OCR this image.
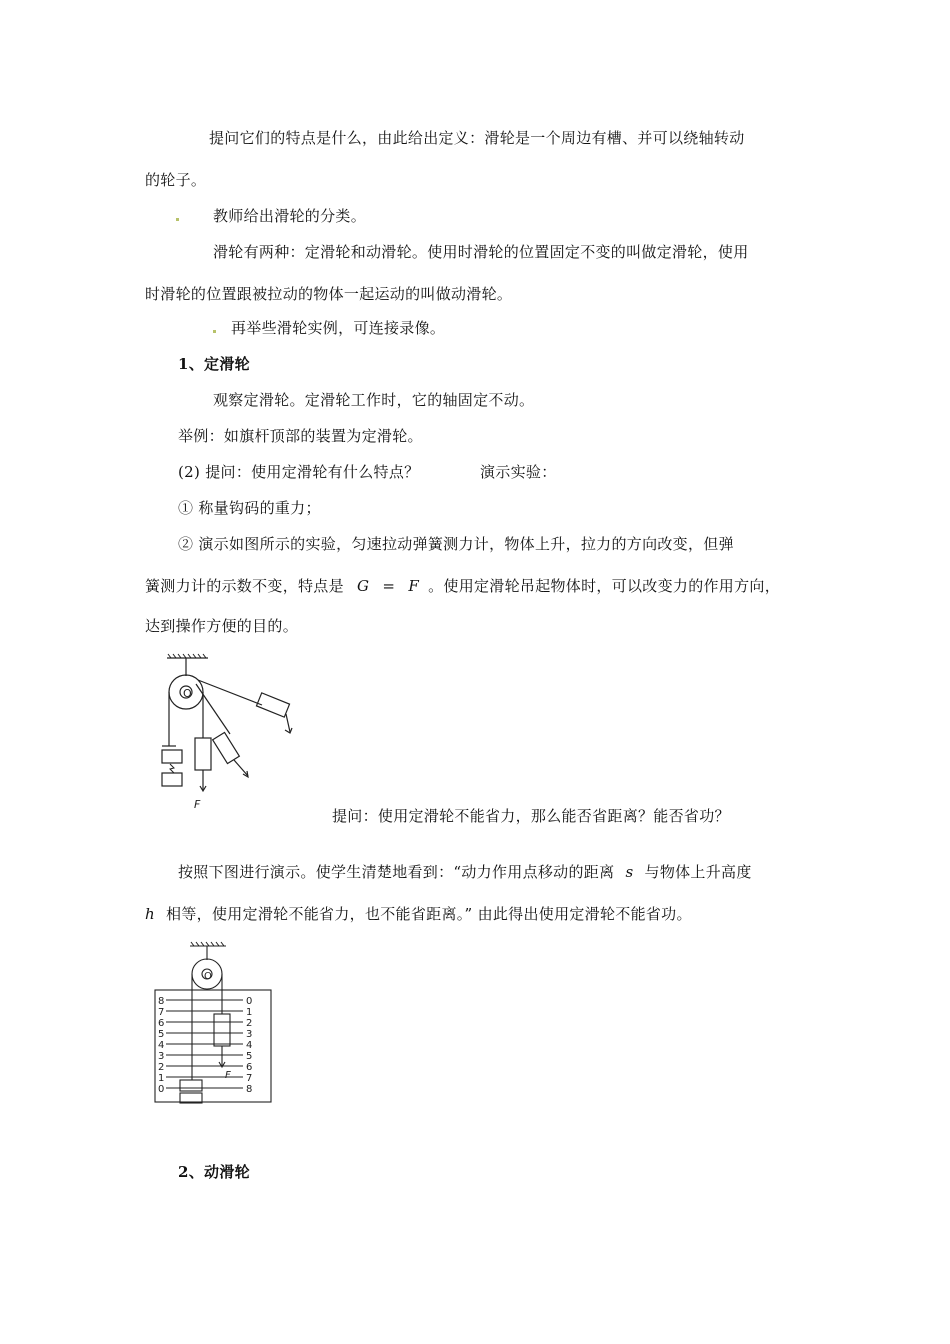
提问它们的特点是什么，由此给出定义：滑轮是一个周边有槽、并可以绕轴转动
的轮子。
教师给出滑轮的分类。
滑轮有两种：定滑轮和动滑轮。使用时滑轮的位置固定不变的叫做定滑轮，使用
时滑轮的位置跟被拉动的物体一起运动的叫做动滑轮。
再举些滑轮实例，可连接录像。
1、定滑轮
观察定滑轮。定滑轮工作时，它的轴固定不动。
举例：如旗杆顶部的装置为定滑轮。
(2) 提问：使用定滑轮有什么特点？	演示实验：
① 称量钩码的重力；
② 演示如图所示的实验，匀速拉动弹簧测力计，物体上升，拉力的方向改变，但弹
簧测力计的示数不变，特点是 G = F 。使用定滑轮吊起物体时，可以改变力的作用方向，
达到操作方便的目的。
O
F
提问：使用定滑轮不能省力，那么能否省距离？能否省功？
按照下图进行演示。使学生清楚地看到：“动力作用点移动的距离 s 与物体上升高度
h 相等，使用定滑轮不能省力，也不能省距离。” 由此得出使用定滑轮不能省功。
8
7
6
5
4
3
2
1
0
0
1
2
3
4
5
6
7
8
O
F
2、动滑轮
